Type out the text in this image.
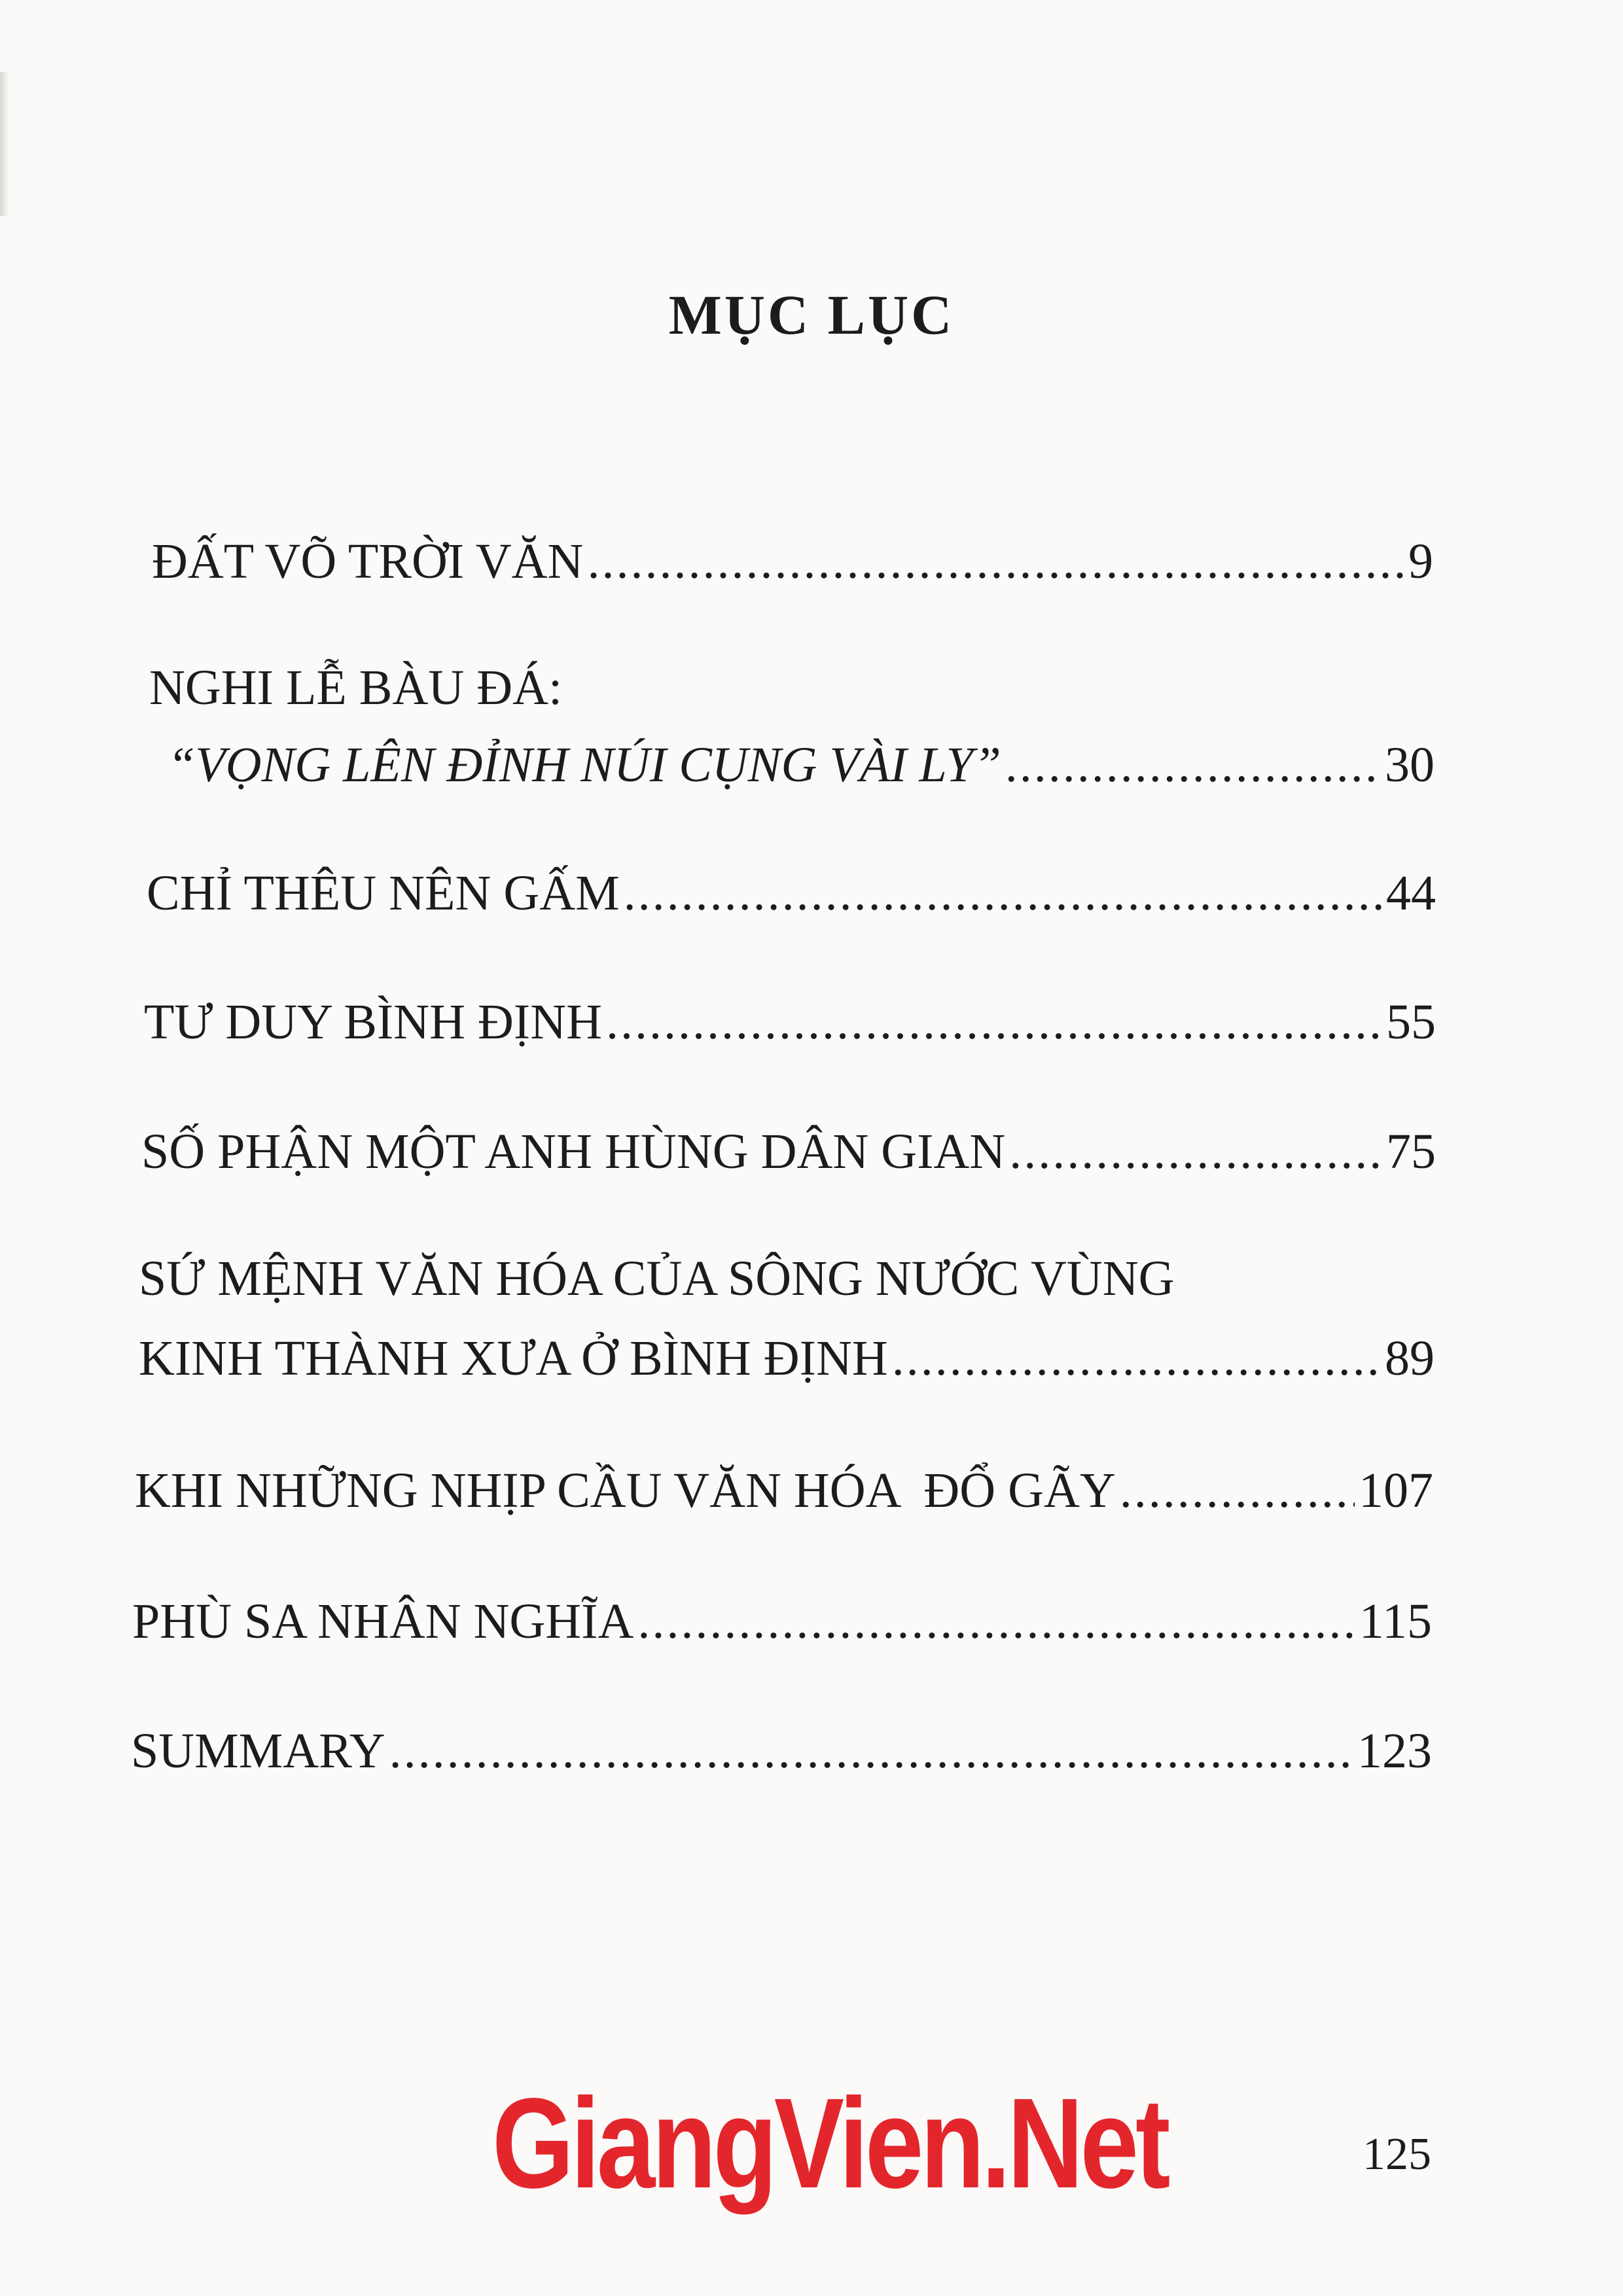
MỤC LỤC
ĐẤT VÕ TRỜI VĂN .....	9
NGHI LỄ BÀU ĐÁ:
“VỌNG LÊN ĐỈNH NÚI CỤNG VÀI LY” .....	30
CHỈ THÊU NÊN GẤM .....	44
TƯ DUY BÌNH ĐỊNH .....	55
SỐ PHẬN MỘT ANH HÙNG DÂN GIAN .....	75
SỨ MỆNH VĂN HÓA CỦA SÔNG NƯỚC VÙNG
KINH THÀNH XƯA Ở BÌNH ĐỊNH .....	89
KHI NHỮNG NHỊP CẦU VĂN HÓA  ĐỔ GÃY .....	107
PHÙ SA NHÂN NGHĨA .....	115
SUMMARY .....	123
GiangVien.Net	125
